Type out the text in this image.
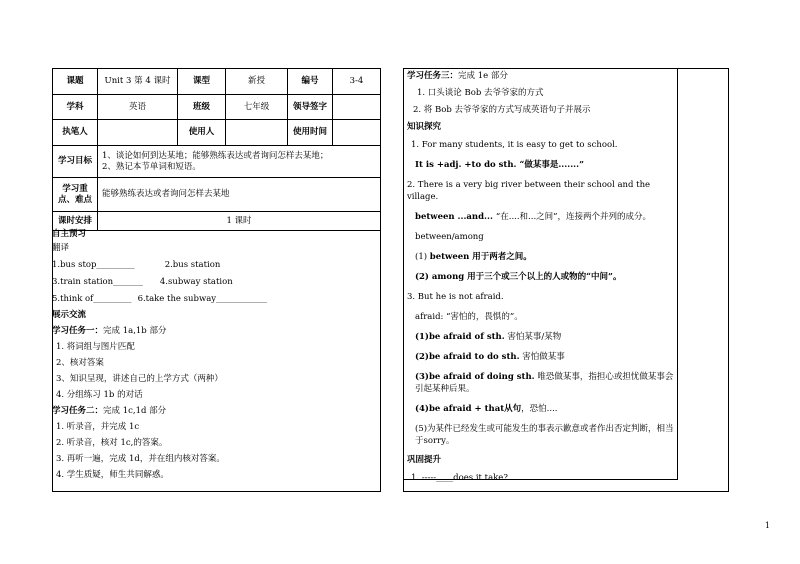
课题	Unit 3 第 4 课时	课型	新授	编号	3-4
学科	英语	班级	七年级	领导签字	
执笔人		使用人		使用时间	
学习目标	1、谈论如何到达某地；能够熟练表达或者询问怎样去某地；
2、熟记本节单词和短语。				

学习重点、难点	能够熟练表达或者询问怎样去某地				
课时安排	1 课时				

自主预习
翻译
1.bus stop_________	2.bus station
3.train station_______ 4.subway station
5.think of_________ 6.take the subway____________
展示交流
学习任务一：完成 1a,1b 部分
1. 将词组与图片匹配
2、核对答案
3、知识呈现，讲述自己的上学方式（两种）
4. 分组练习 1b 的对话
学习任务二：完成 1c,1d 部分
1. 听录音，并完成 1c
2. 听录音，核对 1c,的答案。
3. 再听一遍，完成 1d，并在组内核对答案。
4. 学生质疑，师生共同解惑。
学习任务三：完成 1e 部分
1. 口头谈论 Bob 去爷爷家的方式
2. 将 Bob 去爷爷家的方式写成英语句子并展示
知识探究
1. For many students, it is easy to get to school.
It is +adj. +to do sth. “做某事是.......”
2. There is a very big river between their school and the village.
between ...and... “在....和...之间”，连接两个并列的成分。
between/among
(1) between 用于两者之间。
(2) among 用于三个或三个以上的人或物的“中间”。
3. But he is not afraid.
afraid: “害怕的，畏惧的”。
(1)be afraid of sth. 害怕某事/某物
(2)be afraid to do sth. 害怕做某事
(3)be afraid of doing sth. 唯恐做某事，指担心或担忧做某事会引起某种后果。
(4)be afraid + that从句，恐怕....
(5)为某件已经发生或可能发生的事表示歉意或者作出否定判断，相当于sorry。
巩固提升
1. -----____does it take?
1
